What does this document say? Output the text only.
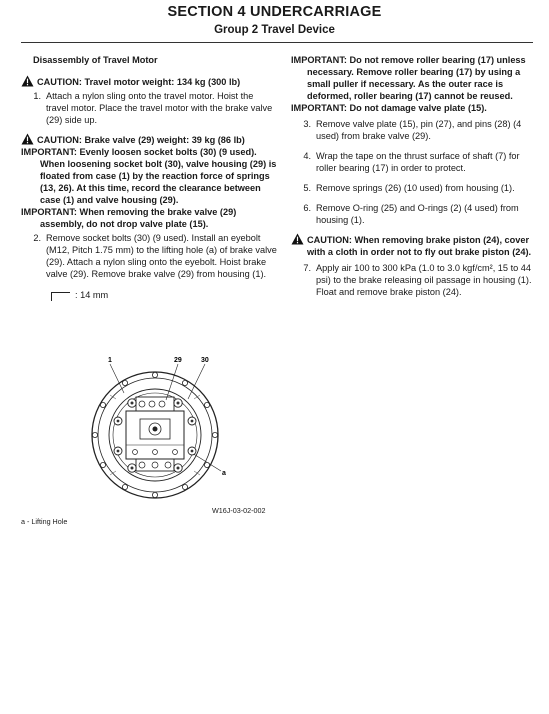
SECTION 4 UNDERCARRIAGE
Group 2 Travel Device
Disassembly of Travel Motor
CAUTION: Travel motor weight: 134 kg (300 lb)
1. Attach a nylon sling onto the travel motor. Hoist the travel motor. Place the travel motor with the brake valve (29) side up.
CAUTION: Brake valve (29) weight: 39 kg (86 lb)
IMPORTANT: Evenly loosen socket bolts (30) (9 used). When loosening socket bolt (30), valve housing (29) is floated from case (1) by the reaction force of springs (13, 26). At this time, record the clearance between case (1) and valve housing (29).
IMPORTANT: When removing the brake valve (29) assembly, do not drop valve plate (15).
2. Remove socket bolts (30) (9 used). Install an eyebolt (M12, Pitch 1.75 mm) to the lifting hole (a) of brake valve (29). Attach a nylon sling onto the eyebolt. Hoist brake valve (29). Remove brake valve (29) from housing (1).
: 14 mm
1	29	30
a
W16J-03-02-002
a - Lifting Hole
IMPORTANT: Do not remove roller bearing (17) unless necessary. Remove roller bearing (17) by using a small puller if necessary. As the outer race is deformed, roller bearing (17) cannot be reused.
IMPORTANT: Do not damage valve plate (15).
3. Remove valve plate (15), pin (27), and pins (28) (4 used) from brake valve (29).
4. Wrap the tape on the thrust surface of shaft (7) for roller bearing (17) in order to protect.
5. Remove springs (26) (10 used) from housing (1).
6. Remove O-ring (25) and O-rings (2) (4 used) from housing (1).
CAUTION: When removing brake piston (24), cover with a cloth in order not to fly out brake piston (24).
7. Apply air 100 to 300 kPa (1.0 to 3.0 kgf/cm², 15 to 44 psi) to the brake releasing oil passage in housing (1). Float and remove brake piston (24).
